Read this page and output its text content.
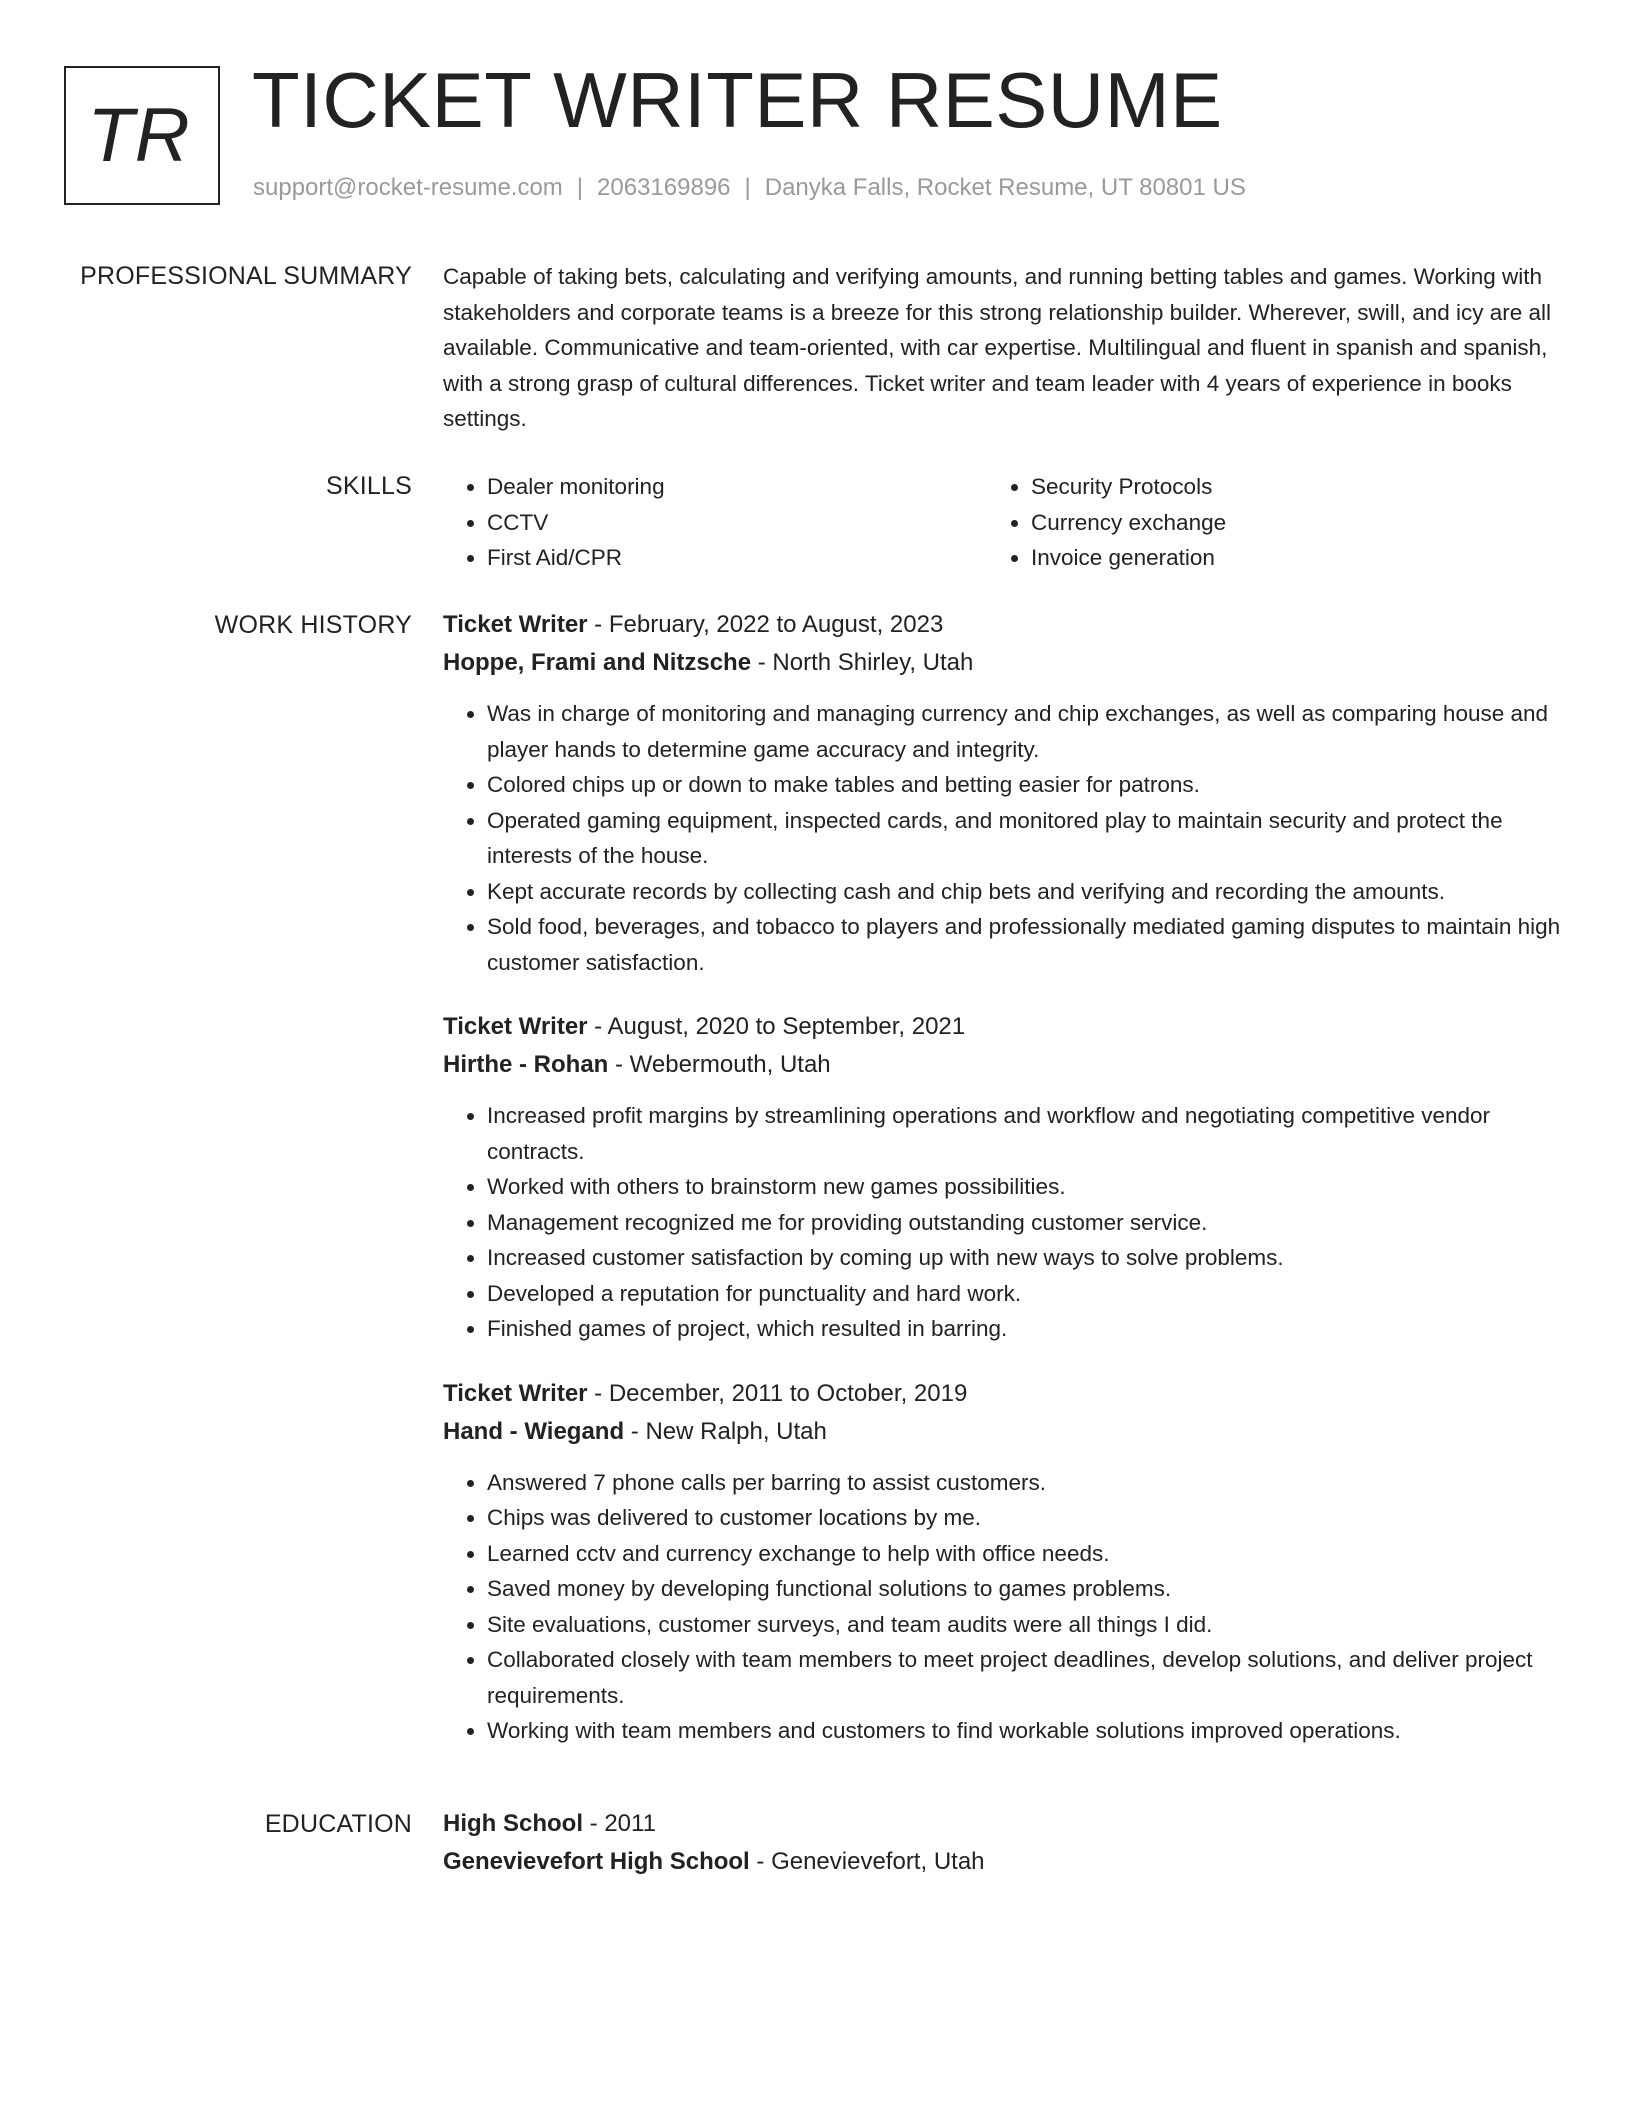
TR TICKET WRITER RESUME
support@rocket-resume.com | 2063169896 | Danyka Falls, Rocket Resume, UT 80801 US
PROFESSIONAL SUMMARY Capable of taking bets, calculating and verifying amounts, and running betting tables and games. Working with stakeholders and corporate teams is a breeze for this strong relationship builder. Wherever, swill, and icy are all available. Communicative and team-oriented, with car expertise. Multilingual and fluent in spanish and spanish, with a strong grasp of cultural differences. Ticket writer and team leader with 4 years of experience in books settings.

SKILLS
•	Dealer monitoring
• CCTV
• First Aid/CPR
• Security Protocols
• Currency exchange
• Invoice generation
WORK HISTORY Ticket Writer - February, 2022 to August, 2023

Hoppe, Frami and Nitzsche - North Shirley, Utah

• Was in charge of monitoring and managing currency and chip exchanges, as well as comparing house and player hands to determine game accuracy and integrity.
• Colored chips up or down to make tables and betting easier for patrons.
• Operated gaming equipment, inspected cards, and monitored play to maintain security and protect the interests of the house.
• Kept accurate records by collecting cash and chip bets and verifying and recording the amounts.
• Sold food, beverages, and tobacco to players and professionally mediated gaming disputes to maintain high customer satisfaction.

Ticket Writer - August, 2020 to September, 2021

Hirthe - Rohan - Webermouth, Utah

• Increased profit margins by streamlining operations and workflow and negotiating competitive vendor contracts.
• Worked with others to brainstorm new games possibilities.
• Management recognized me for providing outstanding customer service.
• Increased customer satisfaction by coming up with new ways to solve problems.
• Developed a reputation for punctuality and hard work.
• Finished games of project, which resulted in barring.

Ticket Writer - December, 2011 to October, 2019

Hand - Wiegand - New Ralph, Utah

• Answered 7 phone calls per barring to assist customers.
• Chips was delivered to customer locations by me.
• Learned cctv and currency exchange to help with office needs.
• Saved money by developing functional solutions to games problems.
• Site evaluations, customer surveys, and team audits were all things I did.
• Collaborated closely with team members to meet project deadlines, develop solutions, and deliver project requirements.
• Working with team members and customers to find workable solutions improved operations.
EDUCATION High School - 2011

Genevievefort High School - Genevievefort, Utah
